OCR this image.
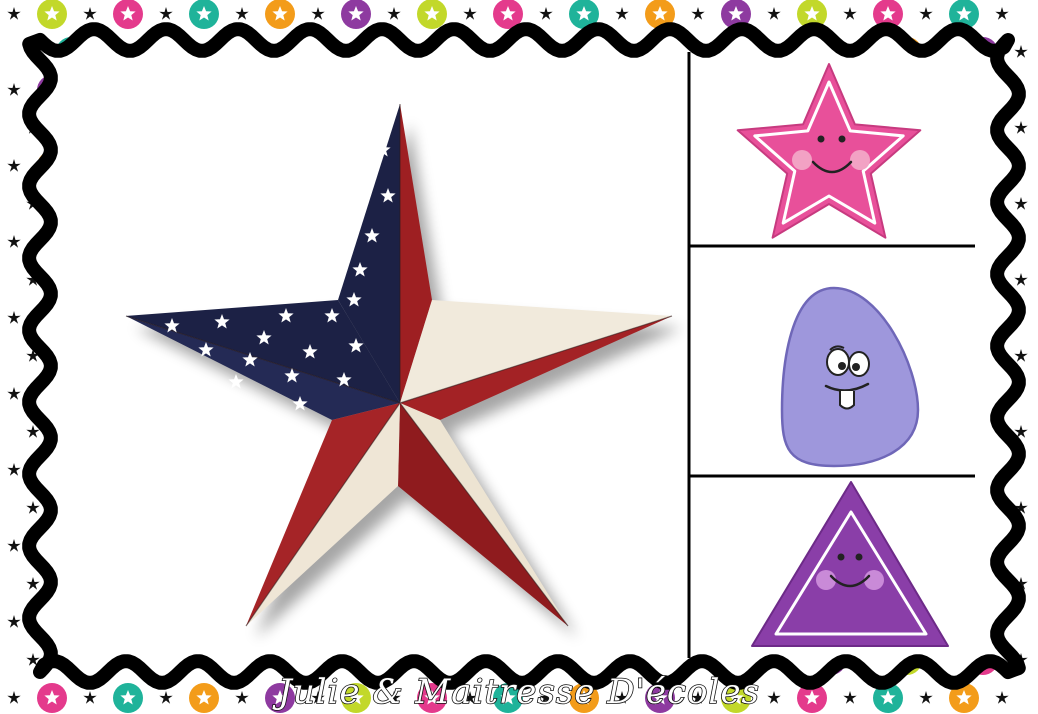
Julie & Maitresse D'écoles
